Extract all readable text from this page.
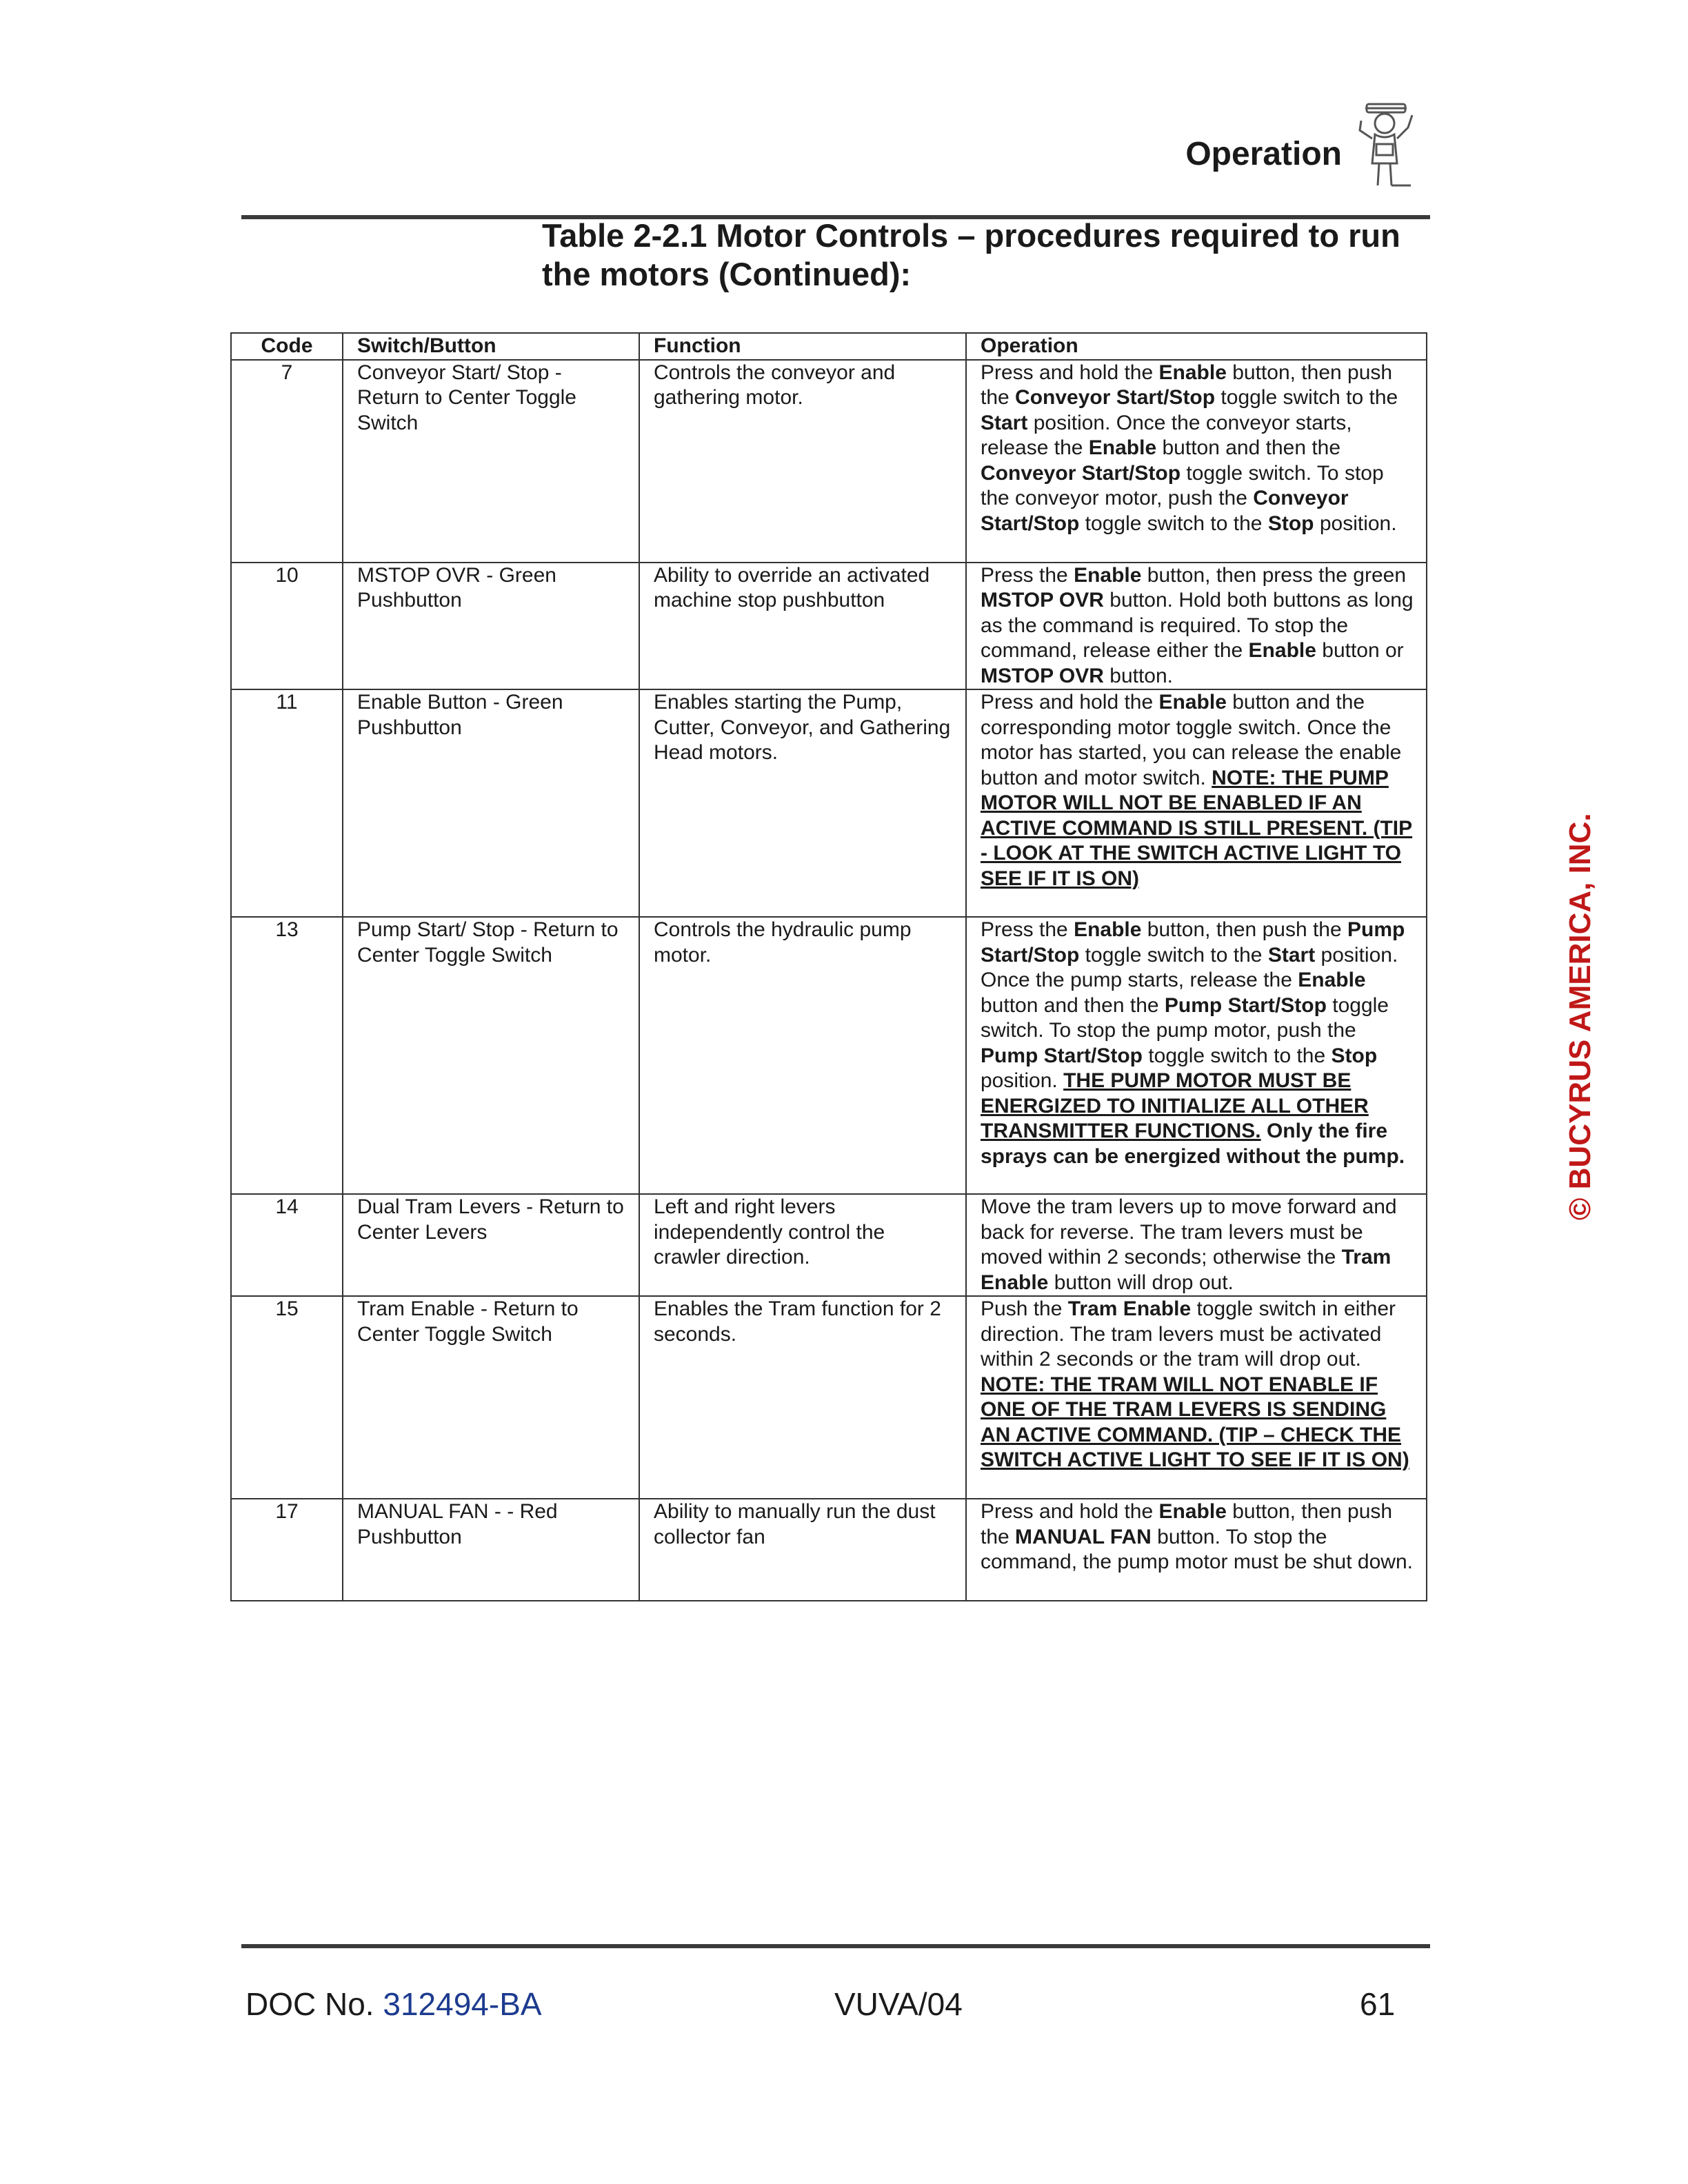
Operation
Table 2-2.1 Motor Controls – procedures required to run the motors (Continued):
Code	Switch/Button	Function	Operation
7	Conveyor Start/ Stop - Return to Center Toggle Switch	Controls the conveyor and gathering motor.	Press and hold the Enable button, then push the Conveyor Start/Stop toggle switch to the Start position. Once the conveyor starts, release the Enable button and then the Conveyor Start/Stop toggle switch. To stop the conveyor motor, push the Conveyor Start/Stop toggle switch to the Stop position.
10	MSTOP OVR - Green Pushbutton	Ability to override an activated machine stop pushbutton	Press the Enable button, then press the green MSTOP OVR button. Hold both buttons as long as the command is required. To stop the command, release either the Enable button or MSTOP OVR button.
11	Enable Button - Green Pushbutton	Enables starting the Pump, Cutter, Conveyor, and Gathering Head motors.	Press and hold the Enable button and the corresponding motor toggle switch. Once the motor has started, you can release the enable button and motor switch. NOTE: THE PUMP MOTOR WILL NOT BE ENABLED IF AN ACTIVE COMMAND IS STILL PRESENT. (TIP - LOOK AT THE SWITCH ACTIVE LIGHT TO SEE IF IT IS ON)
13	Pump Start/ Stop - Return to Center Toggle Switch	Controls the hydraulic pump motor.	Press the Enable button, then push the Pump Start/Stop toggle switch to the Start position. Once the pump starts, release the Enable button and then the Pump Start/Stop toggle switch. To stop the pump motor, push the Pump Start/Stop toggle switch to the Stop position. THE PUMP MOTOR MUST BE ENERGIZED TO INITIALIZE ALL OTHER TRANSMITTER FUNCTIONS. Only the fire sprays can be energized without the pump.
14	Dual Tram Levers - Return to Center Levers	Left and right levers independently control the crawler direction.	Move the tram levers up to move forward and back for reverse. The tram levers must be moved within 2 seconds; otherwise the Tram Enable button will drop out.
15	Tram Enable - Return to Center Toggle Switch	Enables the Tram function for 2 seconds.	Push the Tram Enable toggle switch in either direction. The tram levers must be activated within 2 seconds or the tram will drop out. NOTE: THE TRAM WILL NOT ENABLE IF ONE OF THE TRAM LEVERS IS SENDING AN ACTIVE COMMAND. (TIP – CHECK THE SWITCH ACTIVE LIGHT TO SEE IF IT IS ON)
17	MANUAL FAN - - Red Pushbutton	Ability to manually run the dust collector fan	Press and hold the Enable button, then push the MANUAL FAN button. To stop the command, the pump motor must be shut down.
© BUCYRUS AMERICA, INC.
DOC No. 312494-BA	VUVA/04	61
